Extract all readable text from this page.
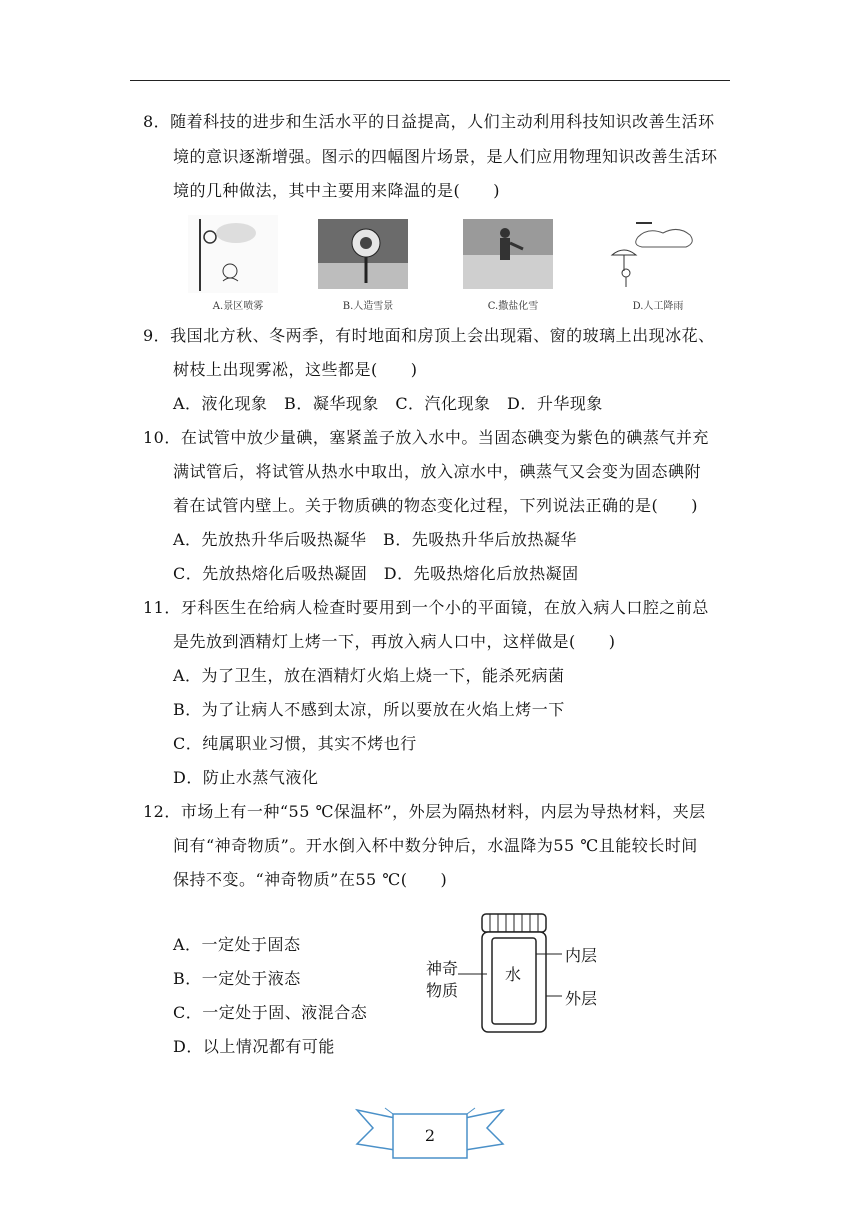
8．随着科技的进步和生活水平的日益提高，人们主动利用科技知识改善生活环
境的意识逐渐增强。图示的四幅图片场景，是人们应用物理知识改善生活环
境的几种做法，其中主要用来降温的是(　　)
A.景区喷雾	B.人造雪景	C.撒盐化雪	D.人工降雨
9．我国北方秋、冬两季，有时地面和房顶上会出现霜、窗的玻璃上出现冰花、
树枝上出现雾凇，这些都是(　　)
A．液化现象　B．凝华现象　C．汽化现象　D．升华现象
10．在试管中放少量碘，塞紧盖子放入水中。当固态碘变为紫色的碘蒸气并充
满试管后，将试管从热水中取出，放入凉水中，碘蒸气又会变为固态碘附
着在试管内壁上。关于物质碘的物态变化过程，下列说法正确的是(　　)
A．先放热升华后吸热凝华　B．先吸热升华后放热凝华
C．先放热熔化后吸热凝固　D．先吸热熔化后放热凝固
11．牙科医生在给病人检查时要用到一个小的平面镜，在放入病人口腔之前总
是先放到酒精灯上烤一下，再放入病人口中，这样做是(　　)
A．为了卫生，放在酒精灯火焰上烧一下，能杀死病菌
B．为了让病人不感到太凉，所以要放在火焰上烤一下
C．纯属职业习惯，其实不烤也行
D．防止水蒸气液化
12．市场上有一种“55 ℃保温杯”，外层为隔热材料，内层为导热材料，夹层
间有“神奇物质”。开水倒入杯中数分钟后，水温降为55 ℃且能较长时间
保持不变。“神奇物质”在55 ℃(　　)
A．一定处于固态
B．一定处于液态
C．一定处于固、液混合态
D．以上情况都有可能
水
内层
外层
神奇
物质
2
